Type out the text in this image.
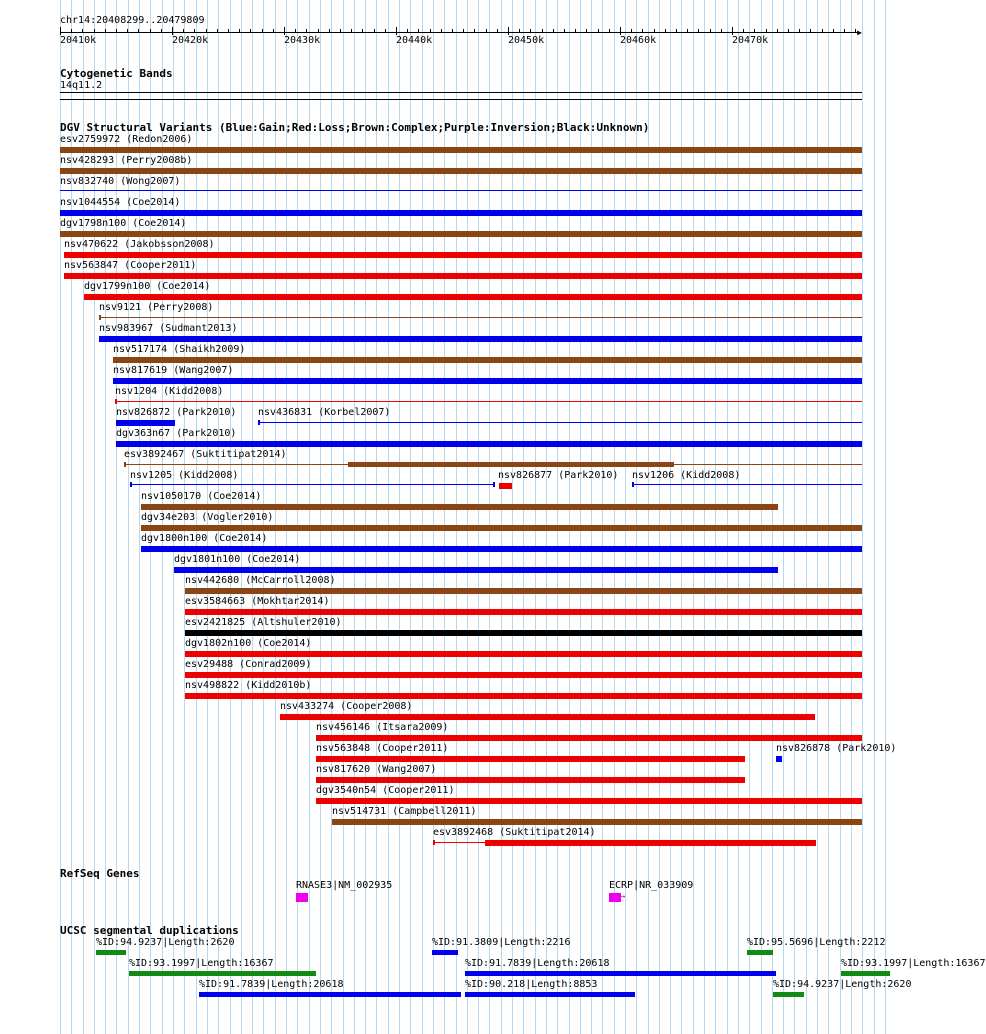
chr14:20408299..20479809
▶
20410k	20420k	20430k	20440k	20450k	20460k	20470k
Cytogenetic Bands
14q11.2
DGV Structural Variants (Blue:Gain;Red:Loss;Brown:Complex;Purple:Inversion;Black:Unknown)
esv2759972 (Redon2006)
nsv428293 (Perry2008b)
nsv832740 (Wong2007)
nsv1044554 (Coe2014)
dgv1798n100 (Coe2014)
nsv470622 (Jakobsson2008)
nsv563847 (Cooper2011)
dgv1799n100 (Coe2014)
nsv9121 (Perry2008)
nsv983967 (Sudmant2013)
nsv517174 (Shaikh2009)
nsv817619 (Wang2007)
nsv1204 (Kidd2008)
nsv826872 (Park2010) nsv436831 (Korbel2007)
dgv363n67 (Park2010)
esv3892467 (Suktitipat2014)
nsv1205 (Kidd2008)	nsv826877 (Park2010) nsv1206 (Kidd2008)
nsv1050170 (Coe2014)
dgv34e203 (Vogler2010)
dgv1800n100 (Coe2014)
dgv1801n100 (Coe2014)
nsv442680 (McCarroll2008)
esv3584663 (Mokhtar2014)
esv2421825 (Altshuler2010)
dgv1802n100 (Coe2014)
esv29488 (Conrad2009)
nsv498822 (Kidd2010b)
nsv433274 (Cooper2008)
nsv456146 (Itsara2009)
nsv563848 (Cooper2011)	nsv826878 (Park2010)
nsv817620 (Wang2007)
dgv3540n54 (Cooper2011)
nsv514731 (Campbell2011)
esv3892468 (Suktitipat2014)
RefSeq Genes
RNASE3|NM_002935	ECRP|NR_033909
→
UCSC segmental duplications
%ID:94.9237|Length:2620	%ID:91.3809|Length:2216	%ID:95.5696|Length:2212
%ID:93.1997|Length:16367	%ID:91.7839|Length:20618	%ID:93.1997|Length:16367
%ID:91.7839|Length:20618	%ID:90.218|Length:8853	%ID:94.9237|Length:2620
